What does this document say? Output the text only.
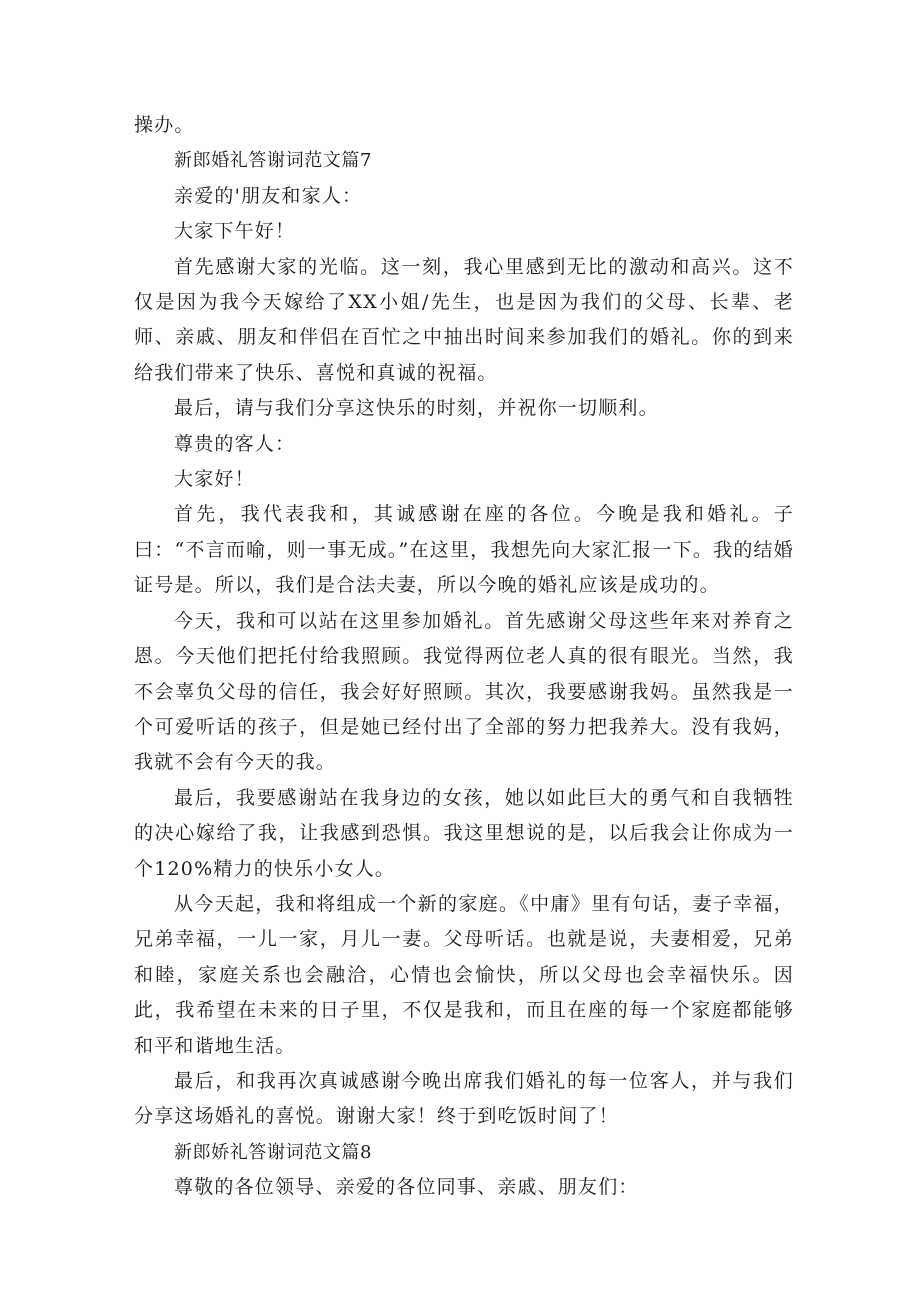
操办。

新郎婚礼答谢词范文篇7

亲爱的'朋友和家人：

大家下午好！

首先感谢大家的光临。这一刻，我心里感到无比的激动和高兴。这不仅是因为我今天嫁给了XX小姐/先生，也是因为我们的父母、长辈、老师、亲戚、朋友和伴侣在百忙之中抽出时间来参加我们的婚礼。你的到来给我们带来了快乐、喜悦和真诚的祝福。

最后，请与我们分享这快乐的时刻，并祝你一切顺利。

尊贵的客人：

大家好！

首先，我代表我和，其诚感谢在座的各位。今晚是我和婚礼。子曰：“不言而喻，则一事无成。”在这里，我想先向大家汇报一下。我的结婚证号是。所以，我们是合法夫妻，所以今晚的婚礼应该是成功的。

今天，我和可以站在这里参加婚礼。首先感谢父母这些年来对养育之恩。今天他们把托付给我照顾。我觉得两位老人真的很有眼光。当然，我不会辜负父母的信任，我会好好照顾。其次，我要感谢我妈。虽然我是一个可爱听话的孩子，但是她已经付出了全部的努力把我养大。没有我妈，我就不会有今天的我。

最后，我要感谢站在我身边的女孩，她以如此巨大的勇气和自我牺牲的决心嫁给了我，让我感到恐惧。我这里想说的是，以后我会让你成为一个120%精力的快乐小女人。

从今天起，我和将组成一个新的家庭。《中庸》里有句话，妻子幸福，兄弟幸福，一儿一家，月儿一妻。父母听话。也就是说，夫妻相爱，兄弟和睦，家庭关系也会融洽，心情也会愉快，所以父母也会幸福快乐。因此，我希望在未来的日子里，不仅是我和，而且在座的每一个家庭都能够和平和谐地生活。

最后，和我再次真诚感谢今晚出席我们婚礼的每一位客人，并与我们分享这场婚礼的喜悦。谢谢大家！终于到吃饭时间了！

新郎娇礼答谢词范文篇8

尊敬的各位领导、亲爱的各位同事、亲戚、朋友们：
